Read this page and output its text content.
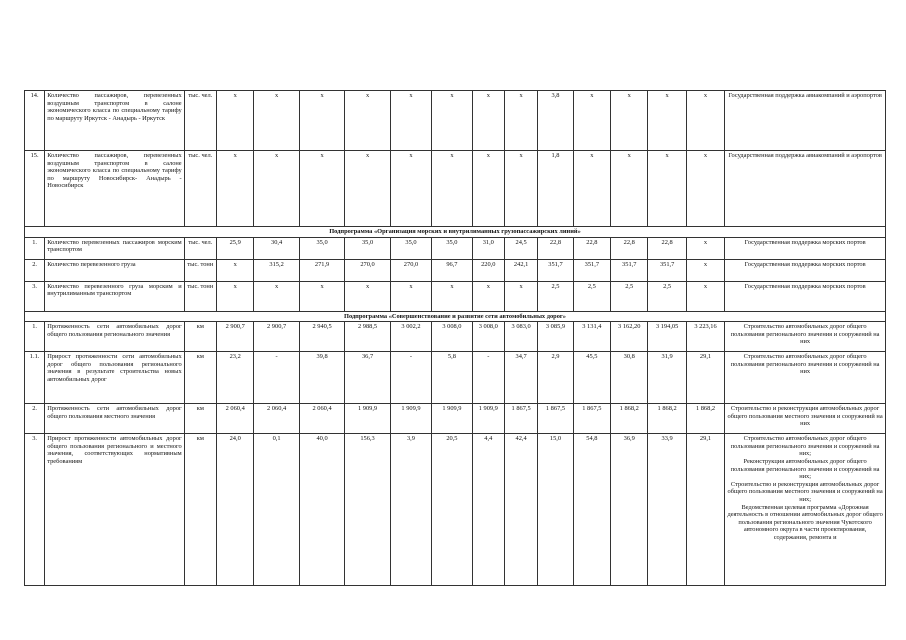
14.	Количество пассажиров, перевезенных воздушным транспортом в салоне экономического класса по специальному тарифу по маршруту Иркутск - Анадырь - Иркутск	тыс. чел.	x	x	x	x	x	x	x	x	3,8	x	x	x	x	Государственная поддержка авиакомпаний и аэропортов
15.	Количество пассажиров, перевезенных воздушным транспортом в салоне экономического класса по специальному тарифу по маршруту Новосибирск- Анадырь - Новосибирск	тыс. чел.	x	x	x	x	x	x	x	x	1,8	x	x	x	x	Государственная поддержка авиакомпаний и аэропортов
Подпрограмма «Организация морских и внутрилиманных грузопассажирских линий»																
1.	Количество перевезенных пассажиров морским транспортом	тыс. чел.	25,9	30,4	35,0	35,0	35,0	35,0	31,0	24,5	22,8	22,8	22,8	22,8	x	Государственная поддержка морских портов
2.	Количество перевезенного груза	тыс. тонн	x	315,2	271,9	270,0	270,0	96,7	220,0	242,1	351,7	351,7	351,7	351,7	x	Государственная поддержка морских портов
3.	Количество перевезенного груза морским и внутрилиманным транспортом	тыс. тонн	x	x	x	x	x	x	x	x	2,5	2,5	2,5	2,5	x	Государственная поддержка морских портов
Подпрограмма «Совершенствование и развитие сети автомобильных дорог»																
1.	Протяженность сети автомобильных дорог общего пользования регионального значения	км	2 900,7	2 900,7	2 940,5	2 988,5	3 002,2	3 008,0	3 008,0	3 083,0	3 085,9	3 131,4	3 162,20	3 194,05	3 223,16	Строительство автомобильных дорог общего пользования регионального значения и сооружений на них
1.1.	Прирост протяженности сети автомобильных дорог общего пользования регионального значения в результате строительства новых автомобильных дорог	км	23,2	-	39,8	36,7	-	5,8	-	34,7	2,9	45,5	30,8	31,9	29,1	Строительство автомобильных дорог общего пользования регионального значения и сооружений на них
2.	Протяженность сети автомобильных дорог общего пользования местного значения	км	2 060,4	2 060,4	2 060,4	1 909,9	1 909,9	1 909,9	1 909,9	1 867,5	1 867,5	1 867,5	1 868,2	1 868,2	1 868,2	Строительство и реконструкция автомобильных дорог общего пользования местного значения и сооружений на них
3.	Прирост протяженности автомобильных дорог общего пользования регионального и местного значения, соответствующих нормативным требованиям	км	24,0	0,1	40,0	156,3	3,9	20,5	4,4	42,4	15,0	54,8	36,9	33,9	29,1	Строительство автомобильных дорог общего пользования регионального значения и сооружений на них;
Реконструкция автомобильных дорог общего пользования регионального значения и сооружений на них;
Строительство и реконструкция автомобильных дорог общего пользования местного значения и сооружений на них;
Ведомственная целевая программа «Дорожная деятельность в отношении автомобильных дорог общего пользования регионального значения Чукотского автономного округа в части проектирования, содержания, ремонта и
